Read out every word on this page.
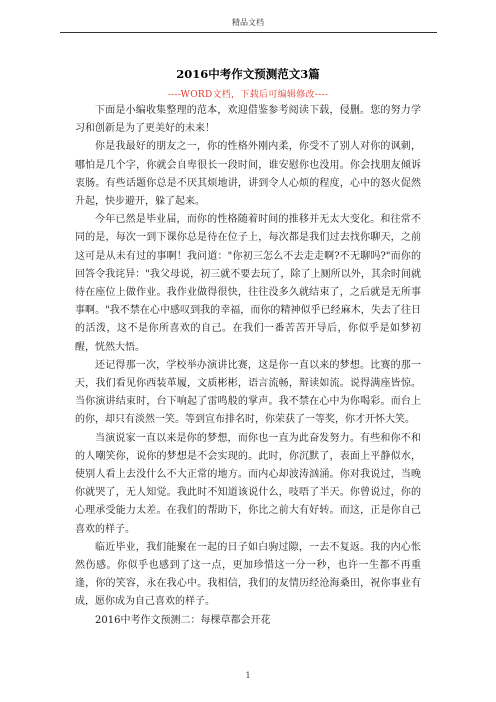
精品文档
2016中考作文预测范文3篇
----WORD文档，下载后可编辑修改----

下面是小编收集整理的范本，欢迎借鉴参考阅读下载，侵删。您的努力学习和创新是为了更美好的未来！

你是我最好的朋友之一，你的性格外刚内柔，你受不了别人对你的讽刺，哪怕是几个字，你就会自卑很长一段时间，谁安慰你也没用。你会找朋友倾诉衷肠。有些话题你总是不厌其烦地讲，讲到令人心烦的程度，心中的怒火促然升起，快步避开，躲了起来。

今年已然是毕业届，而你的性格随着时间的推移并无太大变化。和往常不同的是，每次一到下课你总是待在位子上，每次都是我们过去找你聊天，之前这可是从未有过的事啊！我问道："你初三怎么不去走走啊?不无聊吗?"而你的回答令我诧异："我父母说，初三就不要去玩了，除了上厕所以外，其余时间就待在座位上做作业。我作业做得很快，往往没多久就结束了，之后就是无所事事啊。"我不禁在心中感叹到我的幸福，而你的精神似乎已经麻木，失去了往日的活泼，这不是你所喜欢的自己。在我们一番苦苦开导后，你似乎是如梦初醒，恍然大悟。

还记得那一次，学校举办演讲比赛，这是你一直以来的梦想。比赛的那一天，我们看见你西装革履，文质彬彬，语言流畅，辩读如流。说得满座皆惊。当你演讲结束时，台下响起了雷鸣般的掌声。我不禁在心中为你喝彩。而台上的你，却只有淡然一笑。等到宣布排名时，你荣获了一等奖，你才开怀大笑。

当演说家一直以来是你的梦想，而你也一直为此奋发努力。有些和你不和的人嘲笑你，说你的梦想是不会实现的。此时，你沉默了，表面上平静似水，使别人看上去没什么不大正常的地方。而内心却波涛汹涌。你对我说过，当晚你就哭了，无人知觉。我此时不知道该说什么，吱唔了半天。你曾说过，你的心理承受能力太差。在我们的帮助下，你比之前大有好转。而这，正是你自己喜欢的样子。

临近毕业，我们能聚在一起的日子如白驹过隙，一去不复返。我的内心怅然伤感。你似乎也感到了这一点，更加珍惜这一分一秒，也许一生都不再重逢，你的笑容，永在我心中。我相信，我们的友情历经沧海桑田，祝你事业有成，愿你成为自己喜欢的样子。

2016中考作文预测二：每棵草都会开花

1
